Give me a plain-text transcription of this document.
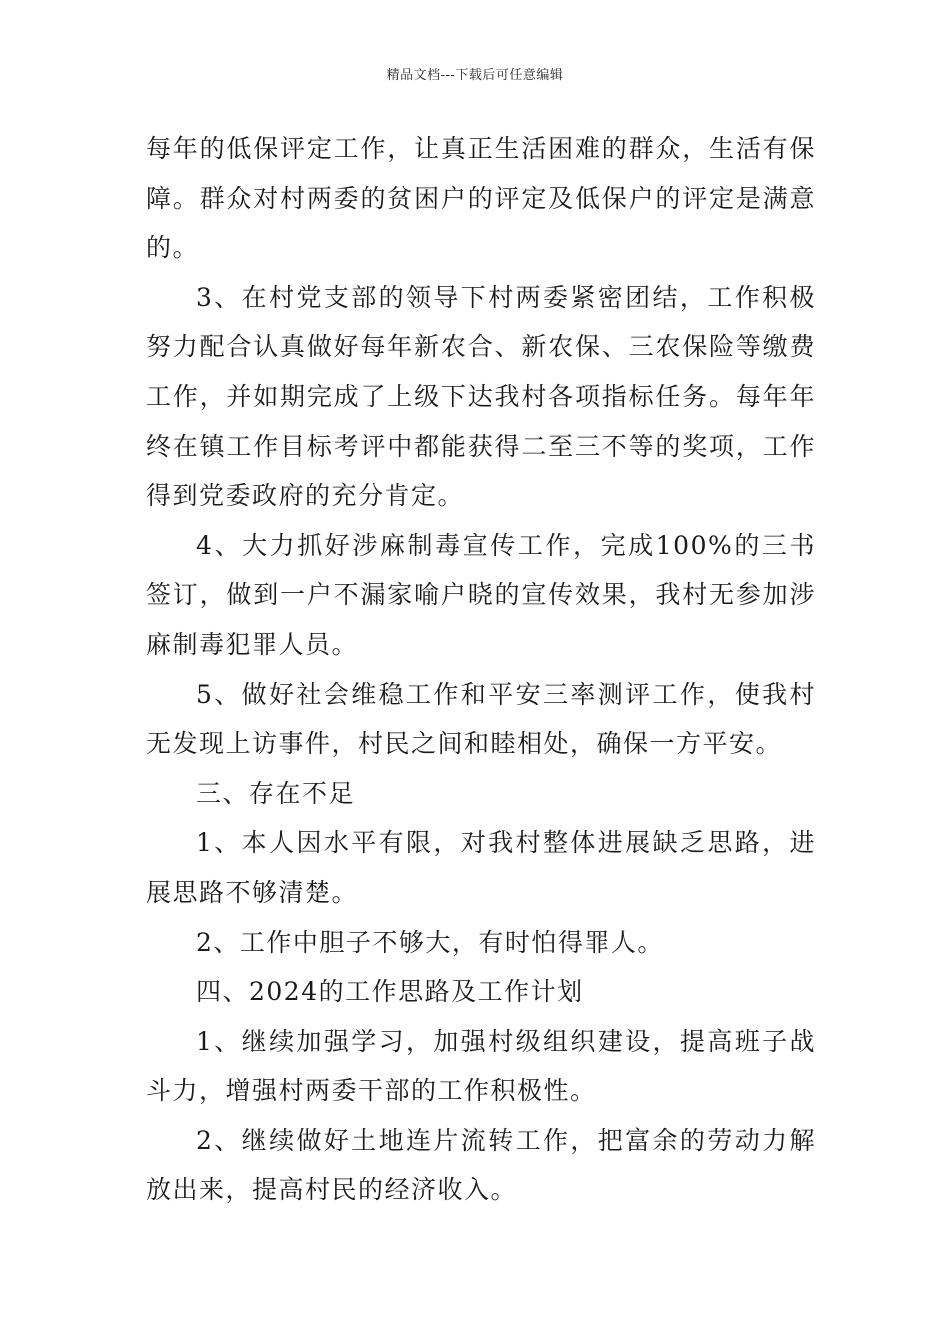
精品文档---下载后可任意编辑

每年的低保评定工作，让真正生活困难的群众，生活有保障。群众对村两委的贫困户的评定及低保户的评定是满意的。

3、在村党支部的领导下村两委紧密团结，工作积极努力配合认真做好每年新农合、新农保、三农保险等缴费工作，并如期完成了上级下达我村各项指标任务。每年年终在镇工作目标考评中都能获得二至三不等的奖项，工作得到党委政府的充分肯定。

4、大力抓好涉麻制毒宣传工作，完成100%的三书签订，做到一户不漏家喻户晓的宣传效果，我村无参加涉麻制毒犯罪人员。

5、做好社会维稳工作和平安三率测评工作，使我村无发现上访事件，村民之间和睦相处，确保一方平安。

三、存在不足

1、本人因水平有限，对我村整体进展缺乏思路，进展思路不够清楚。

2、工作中胆子不够大，有时怕得罪人。

四、2024的工作思路及工作计划

1、继续加强学习，加强村级组织建设，提高班子战斗力，增强村两委干部的工作积极性。

2、继续做好土地连片流转工作，把富余的劳动力解放出来，提高村民的经济收入。
